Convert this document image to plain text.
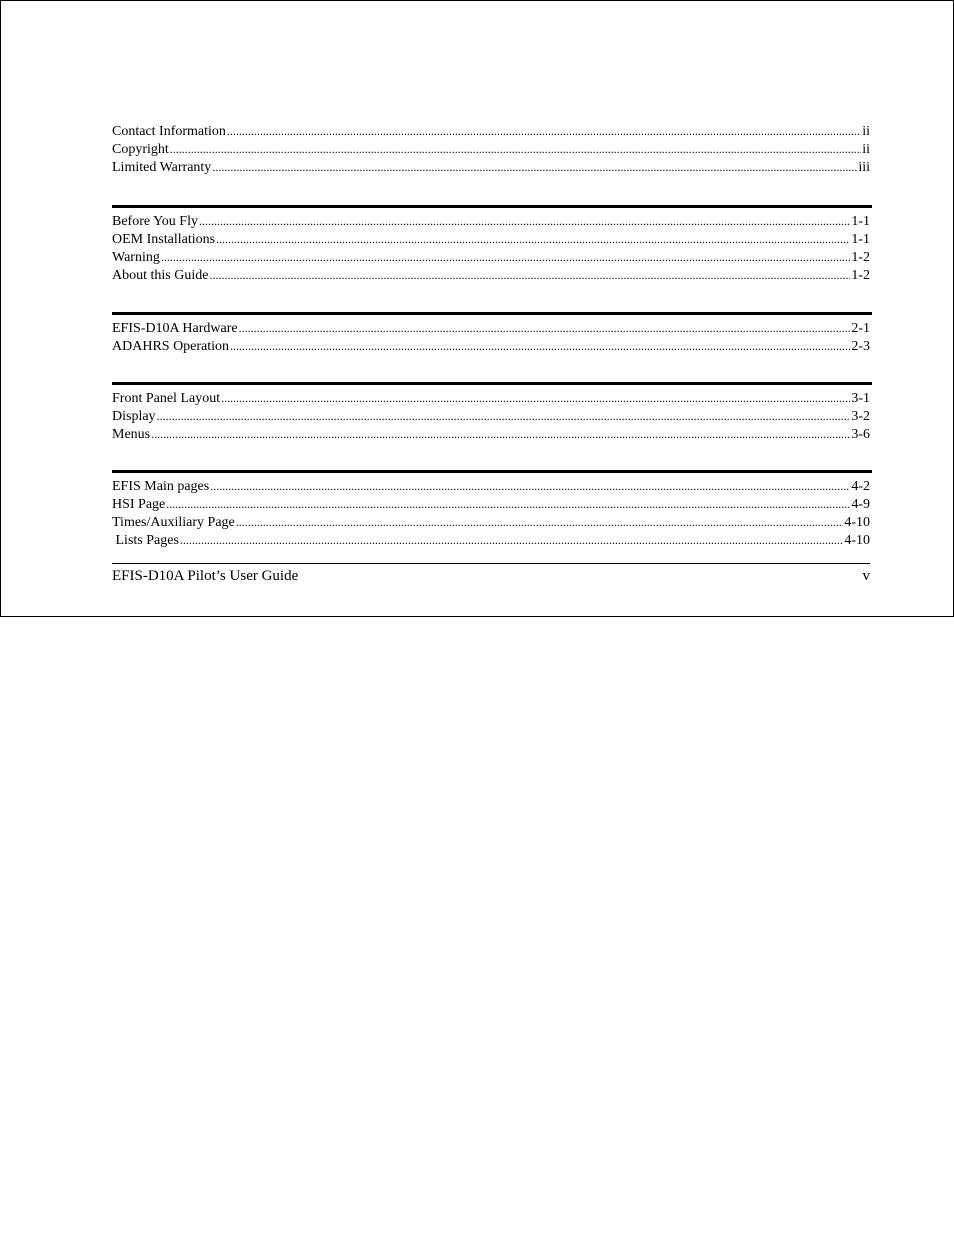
Contact Information .....	ii
Copyright .....	ii
Limited Warranty .....	iii
Before You Fly .....	1-1
OEM Installations .....	1-1
Warning .....	1-2
About this Guide .....	1-2
EFIS-D10A Hardware .....	2-1
ADAHRS Operation .....	2-3
Front Panel Layout .....	3-1
Display .....	3-2
Menus .....	3-6
EFIS Main pages .....	4-2
HSI Page .....	4-9
Times/Auxiliary Page .....	4-10
Lists Pages .....	4-10
EFIS-D10A Pilot’s User Guide	v
